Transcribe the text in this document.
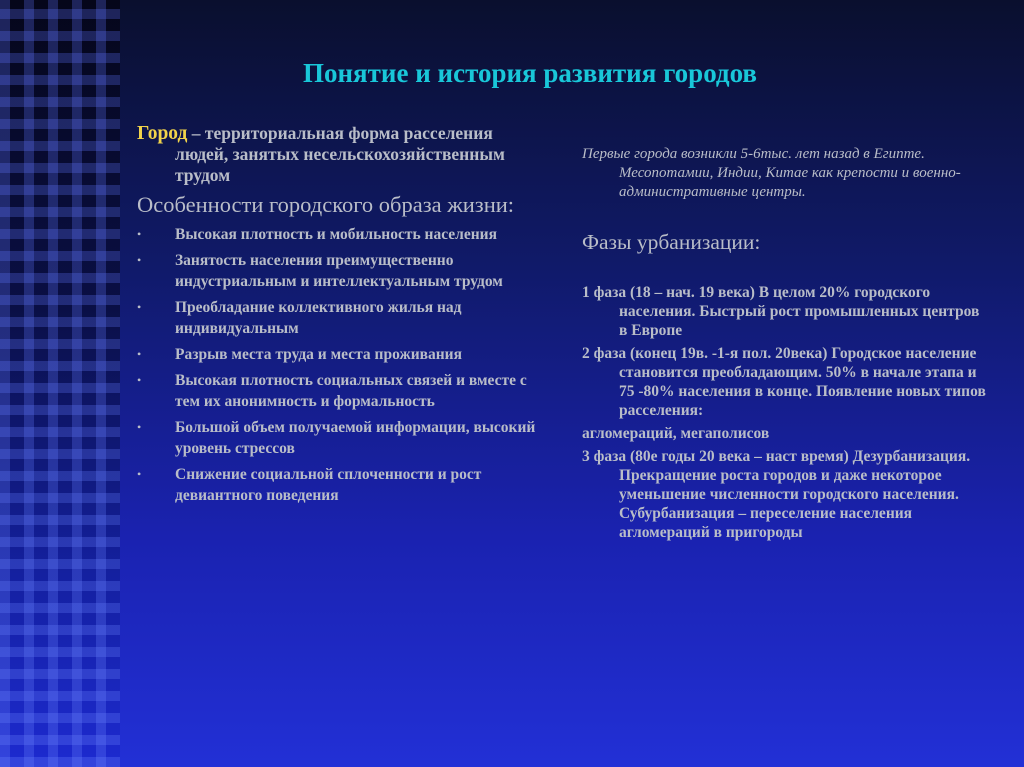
Понятие и история развития городов
Город – территориальная форма расселения людей, занятых несельскохозяйственным трудом
Особенности городского образа жизни:
• Высокая плотность и мобильность населения
• Занятость населения преимущественно индустриальным и интеллектуальным трудом
• Преобладание коллективного жилья над индивидуальным
• Разрыв места труда и места проживания
• Высокая плотность социальных связей и вместе с тем их анонимность и формальность
• Большой объем получаемой информации, высокий уровень стрессов
• Снижение социальной сплоченности и рост девиантного поведения
Первые города возникли 5-6тыс. лет назад в Египте. Месопотамии, Индии, Китае как крепости и военно-административные центры.
Фазы урбанизации:
1 фаза (18 – нач. 19 века) В целом 20% городского населения. Быстрый рост промышленных центров в Европе
2 фаза (конец 19в. -1-я пол. 20века) Городское население становится преобладающим. 50% в начале этапа и 75 -80% населения в конце. Появление новых типов расселения:
агломераций, мегаполисов
3 фаза (80е годы 20 века – наст время) Дезурбанизация. Прекращение роста городов и даже некоторое уменьшение численности городского населения. Субурбанизация – переселение населения агломераций в пригороды
